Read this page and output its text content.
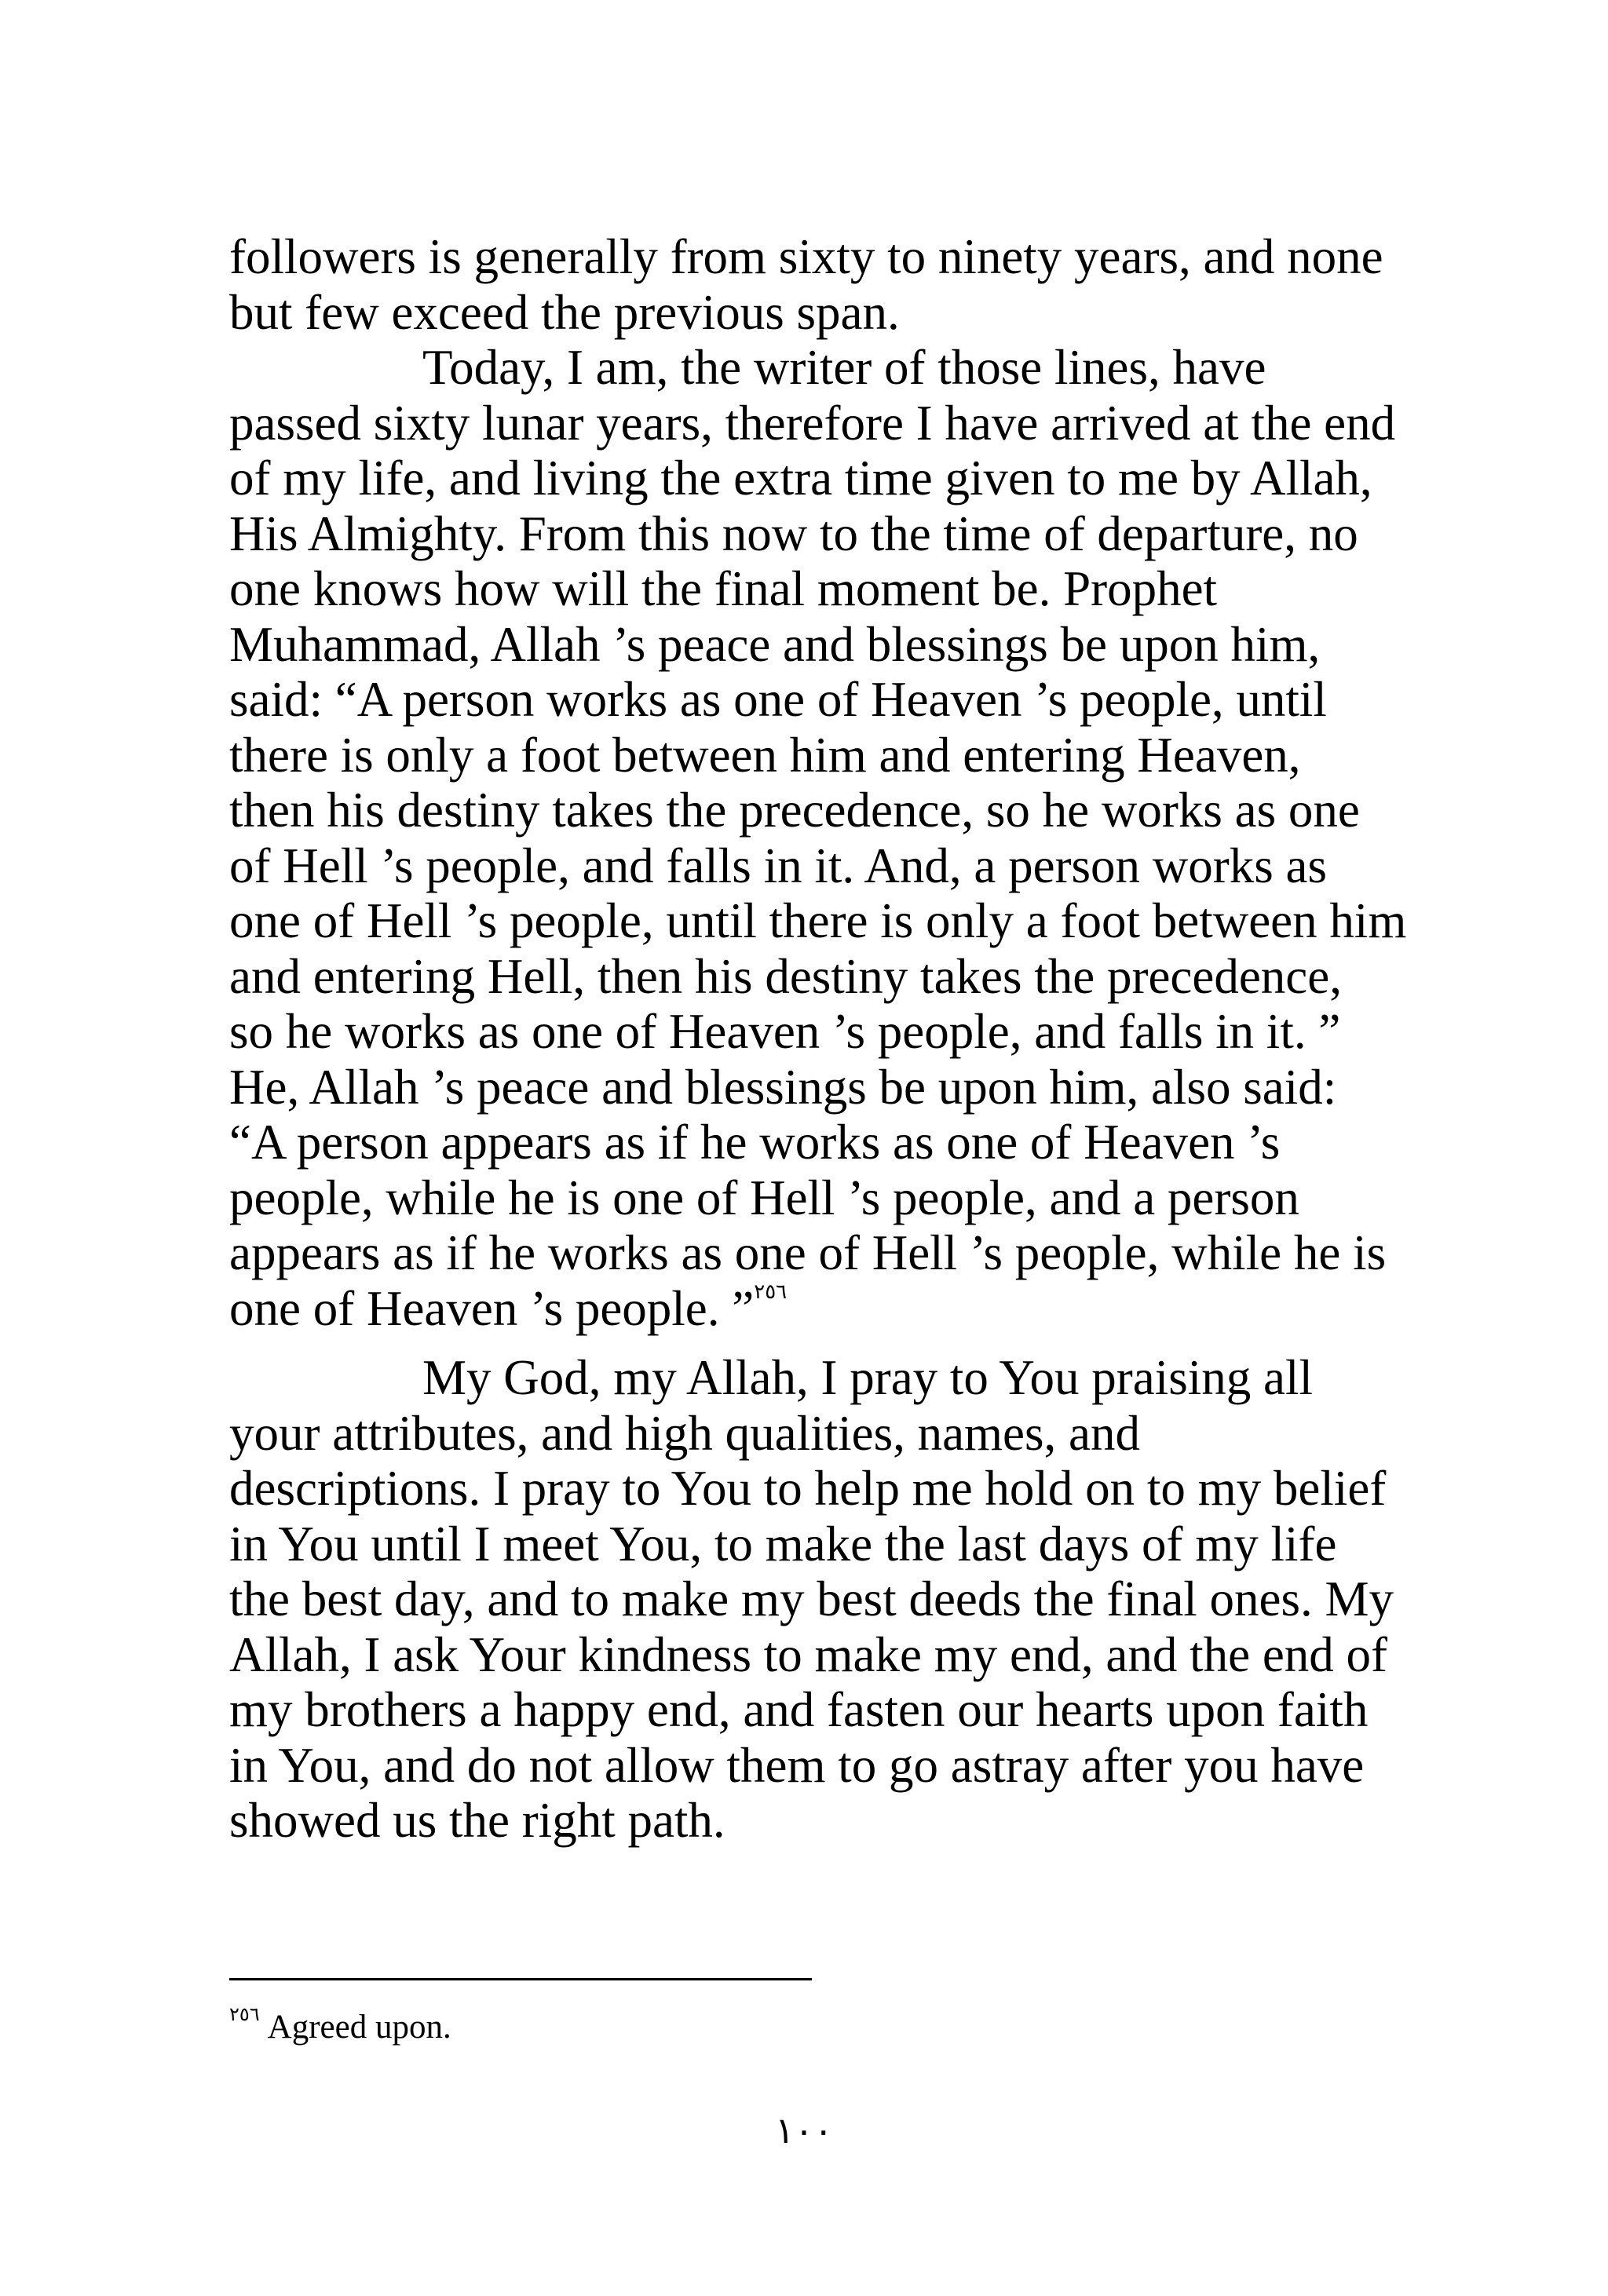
followers is generally from sixty to ninety years, and none
but few exceed the previous span.
Today, I am, the writer of those lines, have
passed sixty lunar years, therefore I have arrived at the end
of my life, and living the extra time given to me by Allah,
His Almighty. From this now to the time of departure, no
one knows how will the final moment be. Prophet
Muhammad, Allah ’s peace and blessings be upon him,
said: “A person works as one of Heaven ’s people, until
there is only a foot between him and entering Heaven,
then his destiny takes the precedence, so he works as one
of Hell ’s people, and falls in it. And, a person works as
one of Hell ’s people, until there is only a foot between him
and entering Hell, then his destiny takes the precedence,
so he works as one of Heaven ’s people, and falls in it. ”
He, Allah ’s peace and blessings be upon him, also said:
“A person appears as if he works as one of Heaven ’s
people, while he is one of Hell ’s people, and a person
appears as if he works as one of Hell ’s people, while he is
one of Heaven ’s people. ”$^{٢٥٦}$
My God, my Allah, I pray to You praising all
your attributes, and high qualities, names, and
descriptions. I pray to You to help me hold on to my belief
in You until I meet You, to make the last days of my life
the best day, and to make my best deeds the final ones. My
Allah, I ask Your kindness to make my end, and the end of
my brothers a happy end, and fasten our hearts upon faith
in You, and do not allow them to go astray after you have
showed us the right path.
$^{٢٥٦}$ Agreed upon.
١٠٠
